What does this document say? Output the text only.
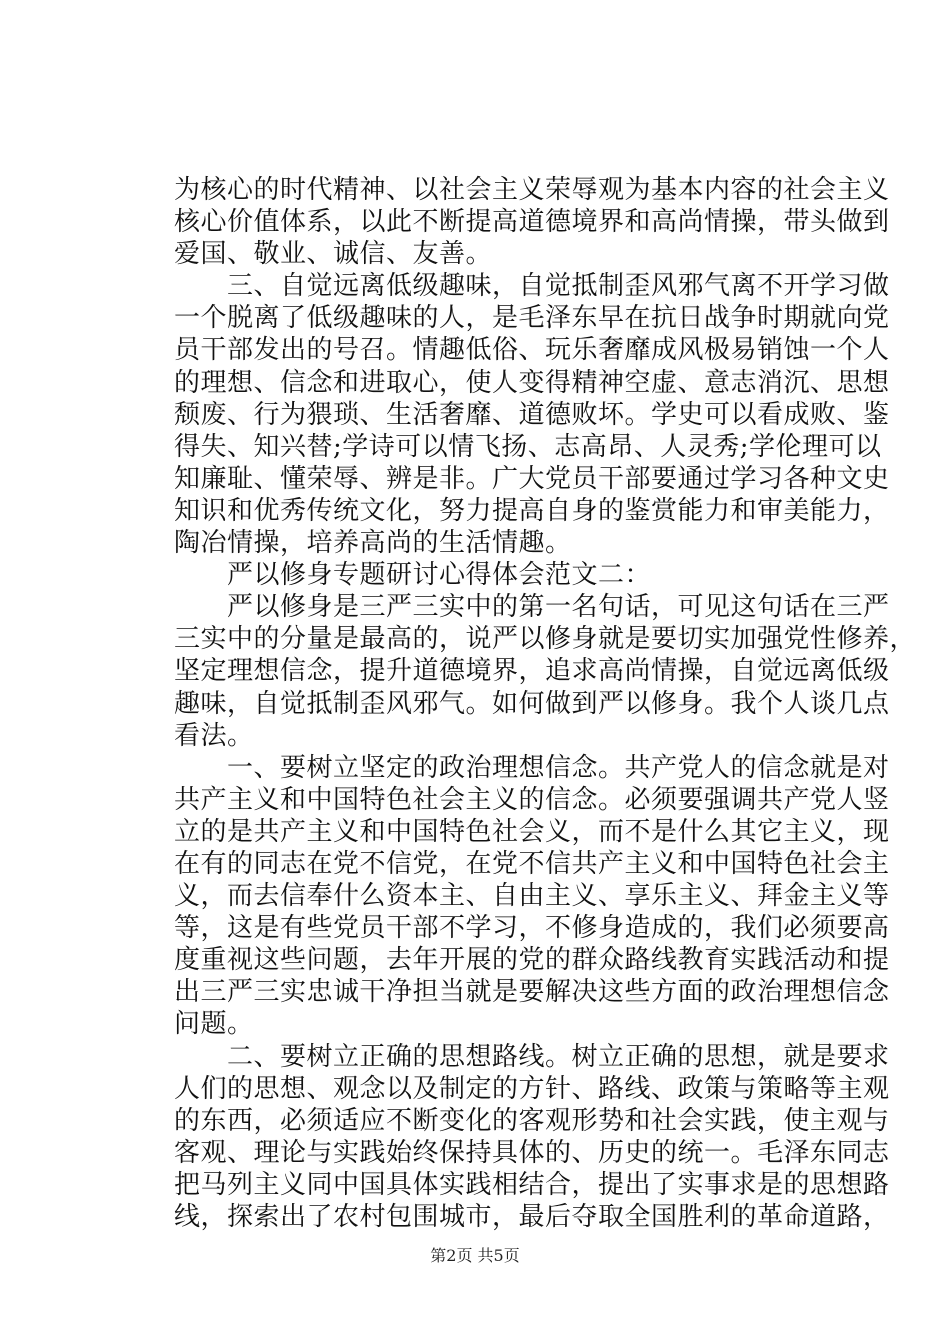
为核心的时代精神、以社会主义荣辱观为基本内容的社会主义
核心价值体系，以此不断提高道德境界和高尚情操，带头做到
爱国、敬业、诚信、友善。
　　三、自觉远离低级趣味，自觉抵制歪风邪气离不开学习做
一个脱离了低级趣味的人，是毛泽东早在抗日战争时期就向党
员干部发出的号召。情趣低俗、玩乐奢靡成风极易销蚀一个人
的理想、信念和进取心，使人变得精神空虚、意志消沉、思想
颓废、行为猥琐、生活奢靡、道德败坏。学史可以看成败、鉴
得失、知兴替;学诗可以情飞扬、志高昂、人灵秀;学伦理可以
知廉耻、懂荣辱、辨是非。广大党员干部要通过学习各种文史
知识和优秀传统文化，努力提高自身的鉴赏能力和审美能力，
陶冶情操，培养高尚的生活情趣。
　　严以修身专题研讨心得体会范文二：
　　严以修身是三严三实中的第一名句话，可见这句话在三严
三实中的分量是最高的，说严以修身就是要切实加强党性修养，
坚定理想信念，提升道德境界，追求高尚情操，自觉远离低级
趣味，自觉抵制歪风邪气。如何做到严以修身。我个人谈几点
看法。
　　一、要树立坚定的政治理想信念。共产党人的信念就是对
共产主义和中国特色社会主义的信念。必须要强调共产党人竖
立的是共产主义和中国特色社会义，而不是什么其它主义，现
在有的同志在党不信党，在党不信共产主义和中国特色社会主
义，而去信奉什么资本主、自由主义、享乐主义、拜金主义等
等，这是有些党员干部不学习，不修身造成的，我们必须要高
度重视这些问题，去年开展的党的群众路线教育实践活动和提
出三严三实忠诚干净担当就是要解决这些方面的政治理想信念
问题。
　　二、要树立正确的思想路线。树立正确的思想，就是要求
人们的思想、观念以及制定的方针、路线、政策与策略等主观
的东西，必须适应不断变化的客观形势和社会实践，使主观与
客观、理论与实践始终保持具体的、历史的统一。毛泽东同志
把马列主义同中国具体实践相结合，提出了实事求是的思想路
线，探索出了农村包围城市，最后夺取全国胜利的革命道路，
第2页 共5页
